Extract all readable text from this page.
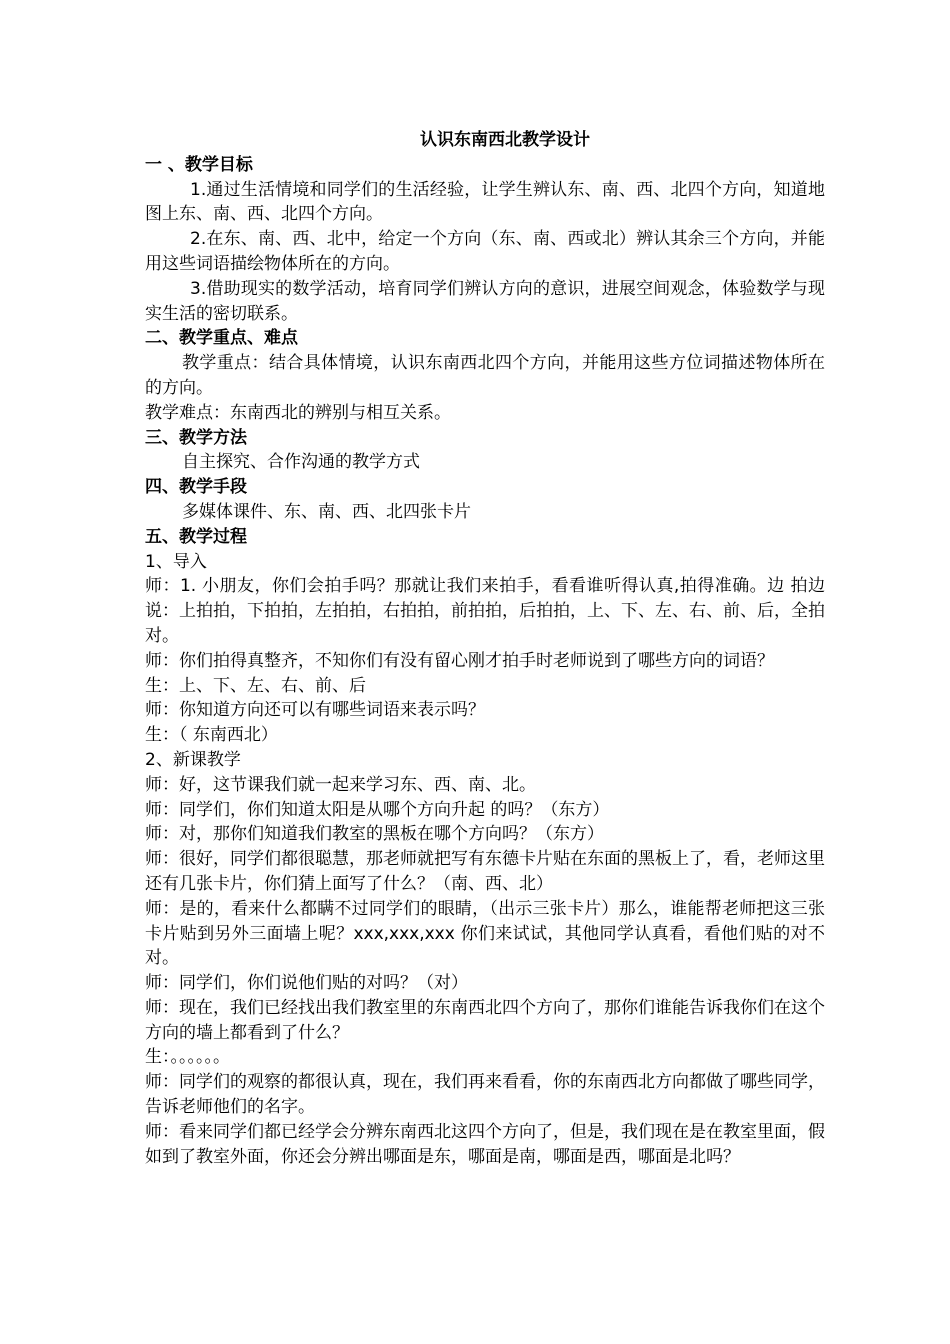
认识东南西北教学设计
一 、教学目标
1.通过生活情境和同学们的生活经验，让学生辨认东、南、西、北四个方向，知道地图上东、南、西、北四个方向。
2.在东、南、西、北中，给定一个方向（东、南、西或北）辨认其余三个方向，并能用这些词语描绘物体所在的方向。
3.借助现实的数学活动，培育同学们辨认方向的意识，进展空间观念，体验数学与现实生活的密切联系。
二、教学重点、难点
教学重点：结合具体情境，认识东南西北四个方向，并能用这些方位词描述物体所在的方向。
教学难点：东南西北的辨别与相互关系。
三、教学方法
自主探究、合作沟通的教学方式
四、教学手段
多媒体课件、东、南、西、北四张卡片
五、教学过程
1、导入
师：1. 小朋友，你们会拍手吗？那就让我们来拍手，看看谁听得认真,拍得准确。边 拍边说：上拍拍，下拍拍，左拍拍，右拍拍，前拍拍，后拍拍，上、下、左、右、前、后，全拍对。
师：你们拍得真整齐，不知你们有没有留心刚才拍手时老师说到了哪些方向的词语？
生：上、下、左、右、前、后
师：你知道方向还可以有哪些词语来表示吗？
生：（ 东南西北）
2、新课教学
师：好，这节课我们就一起来学习东、西、南、北。
师：同学们，你们知道太阳是从哪个方向升起 的吗？（东方）
师：对，那你们知道我们教室的黑板在哪个方向吗？（东方）
师：很好，同学们都很聪慧，那老师就把写有东德卡片贴在东面的黑板上了，看，老师这里还有几张卡片，你们猜上面写了什么？（南、西、北）
师：是的，看来什么都瞒不过同学们的眼睛，（出示三张卡片）那么，谁能帮老师把这三张卡片贴到另外三面墙上呢？xxx,xxx,xxx 你们来试试，其他同学认真看，看他们贴的对不对。
师：同学们，你们说他们贴的对吗？（对）
师：现在，我们已经找出我们教室里的东南西北四个方向了，那你们谁能告诉我你们在这个方向的墙上都看到了什么？
生：。。。。。。
师：同学们的观察的都很认真，现在，我们再来看看，你的东南西北方向都做了哪些同学，告诉老师他们的名字。
师：看来同学们都已经学会分辨东南西北这四个方向了，但是，我们现在是在教室里面，假如到了教室外面，你还会分辨出哪面是东，哪面是南，哪面是西，哪面是北吗？
